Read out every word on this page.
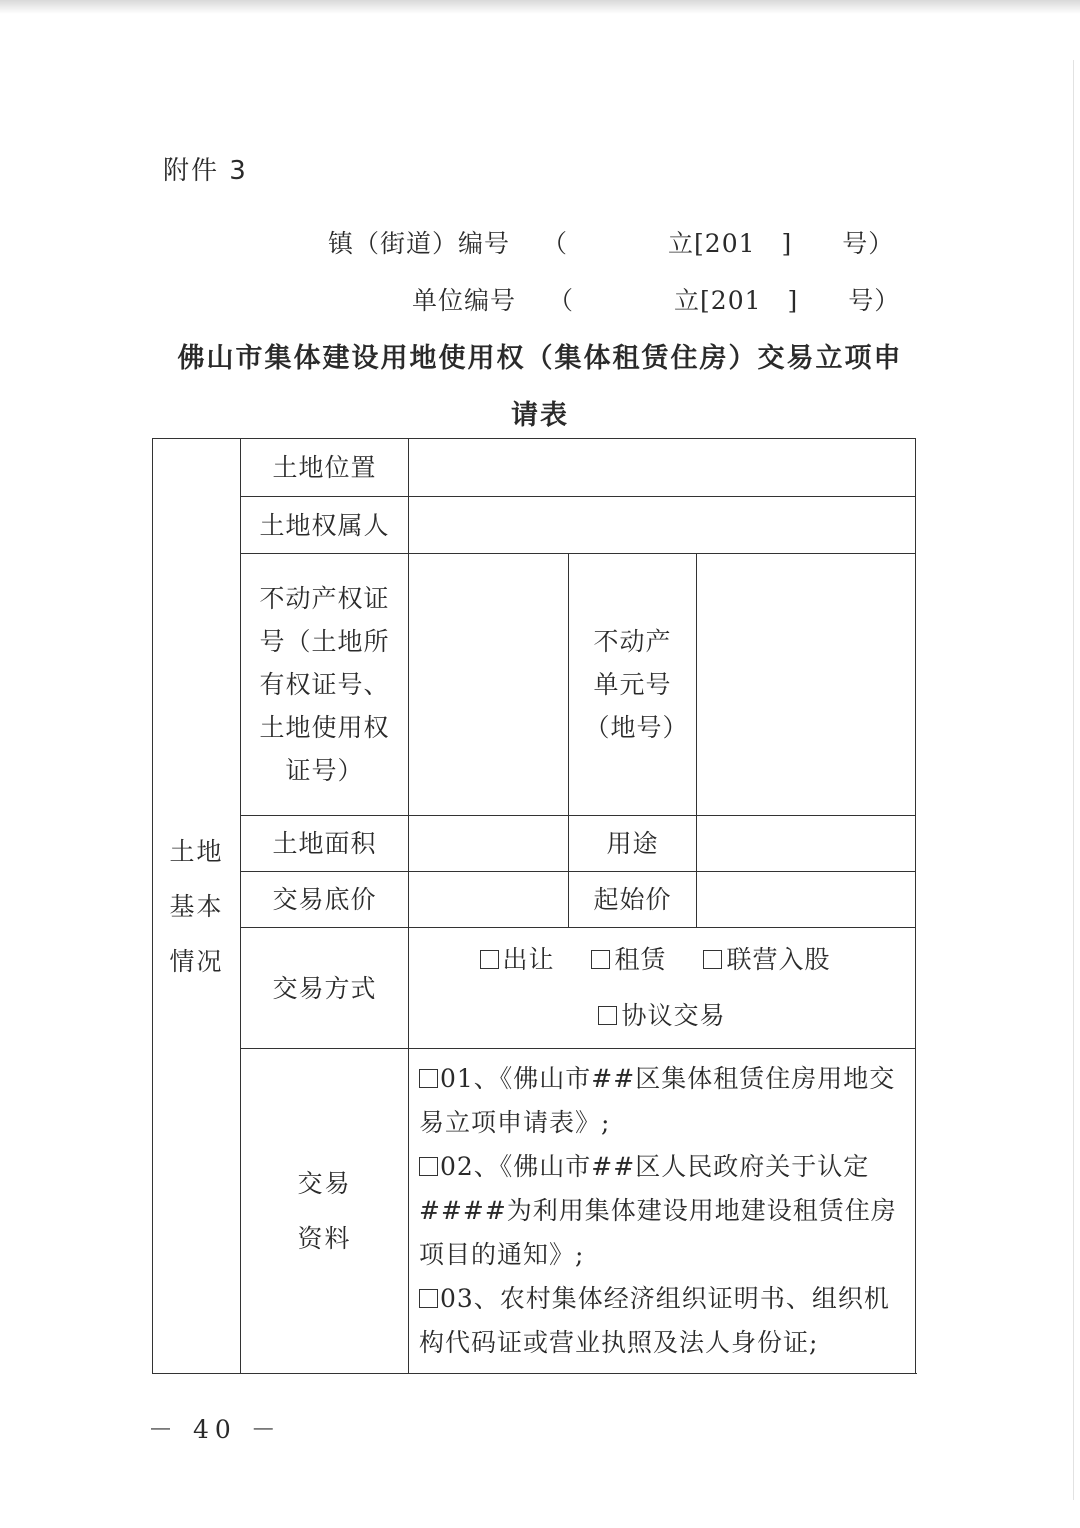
附件 3
镇（街道）编号 （	立[201　] 号）
单位编号 （	立[201　] 号）
佛山市集体建设用地使用权（集体租赁住房）交易立项申
请表
土地基本情况	土地位置			
	土地权属人			

	不动产权证号（土地所有权证号、土地使用权证号）		不动产单元号（地号）	

	土地面积		用途	
	交易底价		起始价	
	交易方式	出让 租赁 联营入股 协议交易		

	交易资料	01、《佛山市##区集体租赁住房用地交易立项申请表》;
02、《佛山市##区人民政府关于认定####为利用集体建设用地建设租赁住房项目的通知》;
03、农村集体经济组织证明书、组织机构代码证或营业执照及法人身份证;		
－ 40 －
